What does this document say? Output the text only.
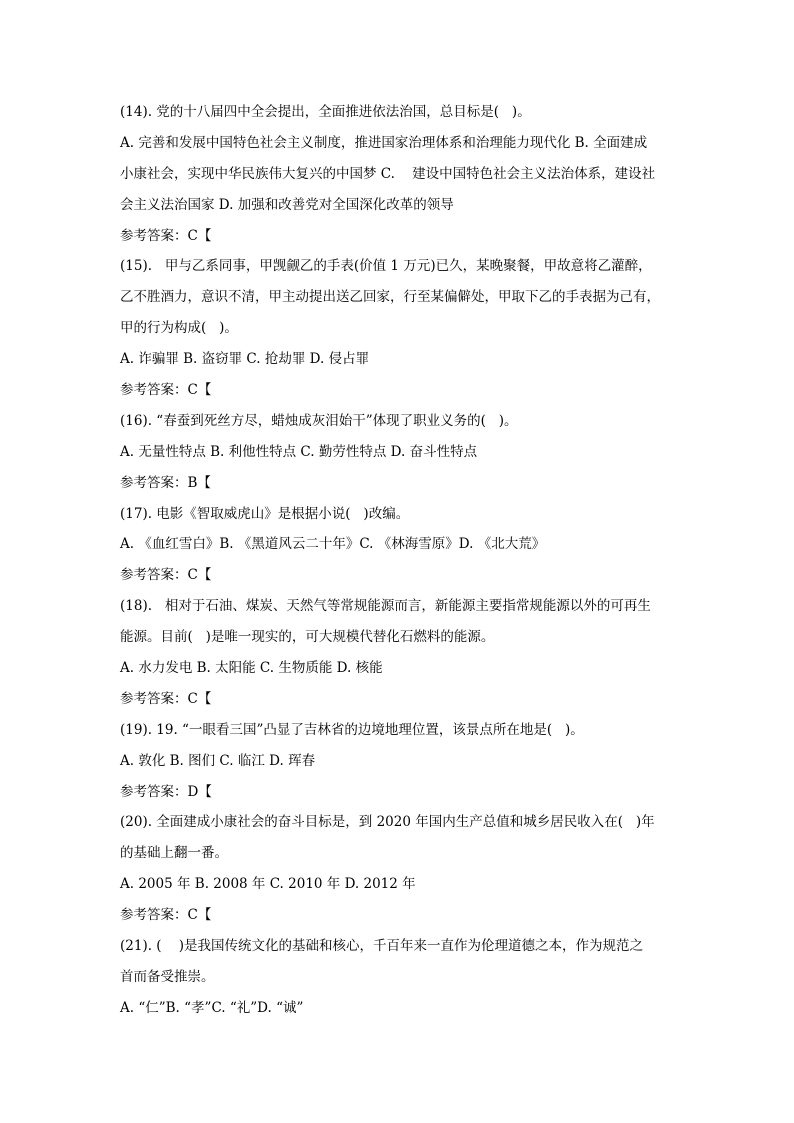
(14). 党的十八届四中全会提出，全面推进依法治国，总目标是(   )。
A. 完善和发展中国特色社会主义制度，推进国家治理体系和治理能力现代化 B. 全面建成
小康社会，实现中华民族伟大复兴的中国梦 C.    建设中国特色社会主义法治体系，建设社
会主义法治国家 D. 加强和改善党对全国深化改革的领导
参考答案：C【
(15).   甲与乙系同事，甲觊觎乙的手表(价值 1 万元)已久，某晚聚餐，甲故意将乙灌醉，
乙不胜酒力，意识不清，甲主动提出送乙回家，行至某偏僻处，甲取下乙的手表据为己有，
甲的行为构成(   )。
A. 诈骗罪 B. 盗窃罪 C. 抢劫罪 D. 侵占罪
参考答案：C【
(16). “春蚕到死丝方尽，蜡烛成灰泪始干”体现了职业义务的(   )。
A. 无量性特点 B. 利他性特点 C. 勤劳性特点 D. 奋斗性特点
参考答案：B【
(17). 电影《智取威虎山》是根据小说(   )改编。
A. 《血红雪白》B. 《黑道风云二十年》C. 《林海雪原》D. 《北大荒》
参考答案：C【
(18).   相对于石油、煤炭、天然气等常规能源而言，新能源主要指常规能源以外的可再生
能源。目前(   )是唯一现实的，可大规模代替化石燃料的能源。
A. 水力发电 B. 太阳能 C. 生物质能 D. 核能
参考答案：C【
(19). 19. “一眼看三国”凸显了吉林省的边境地理位置，该景点所在地是(   )。
A. 敦化 B. 图们 C. 临江 D. 珲春
参考答案：D【
(20). 全面建成小康社会的奋斗目标是，到 2020 年国内生产总值和城乡居民收入在(   )年
的基础上翻一番。
A. 2005 年 B. 2008 年 C. 2010 年 D. 2012 年
参考答案：C【
(21). (    )是我国传统文化的基础和核心，千百年来一直作为伦理道德之本，作为规范之
首而备受推崇。
A. “仁”B. “孝”C. “礼”D. “诚”
